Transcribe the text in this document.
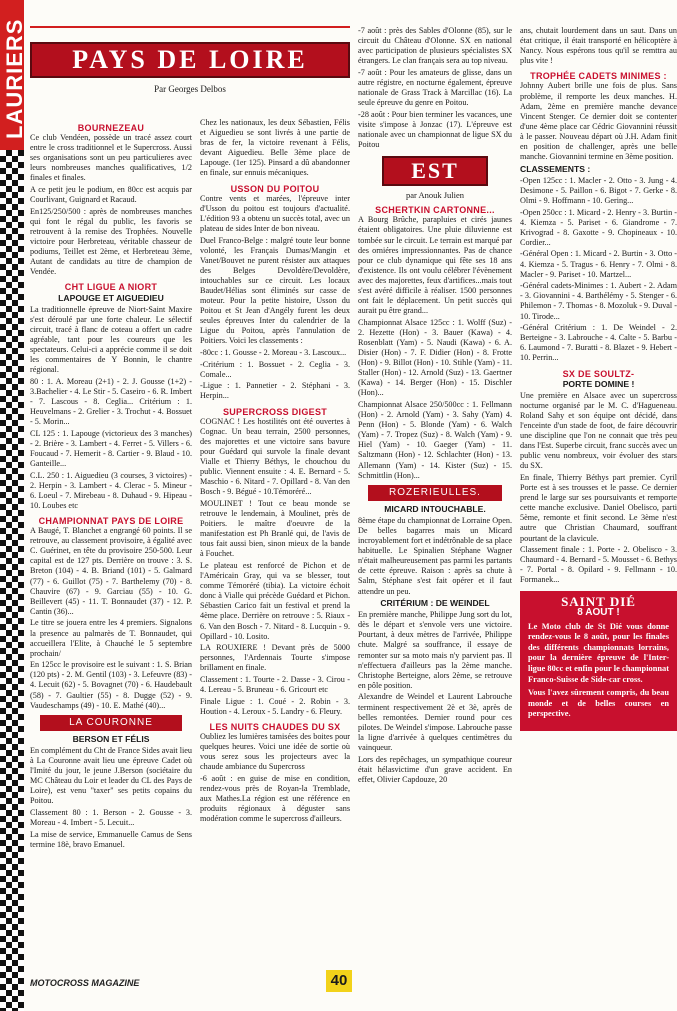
LAURIERS PAYS DE LOIRE
Par Georges Delbos
BOURNEZEAU

Ce club Vendéen, possède un tracé assez court entre le cross traditionnel et le Supercross. Aussi ses organisations sont un peu particulieres avec leurs nombreuses manches qualificatives, 1/2 finales et finales.

A ce petit jeu le podium, en 80cc est acquis par Courlivant, Guignard et Racaud.

En125/250/500 : après de nombreuses manches qui font le régal du public, les favoris se retrouvent à la remise des Trophées. Nouvelle victoire pour Herbreteau, véritable chasseur de podiums, Teillet est 2ème, et Herbreteau 3ème, Autant de candidats au titre de champion de Vendée.

CHT LIGUE A NIORT
LAPOUGE ET AIGUEDIEU

La traditionnelle épreuve de Niort-Saint Maxire s'est déroulé par une forte chaleur. Le sélectif circuit, tracé à flanc de coteau a offert un cadre agréable, tant pour les coureurs que les spectateurs. Celui-ci a apprécie comme il se doit les commentaires de Y Bonnin, le chantre régional.

80 : 1. A. Moreau (2+1) - 2. J. Gousse (1+2) - 3.Bachelier - 4. Le Stir - 5. Caseiro - 6. R. Imbert - 7. Lascous - 8. Ceglia... Critérium : 1. Heuvelmans - 2. Grelier - 3. Trochut - 4. Bossuet - 5. Morin...

CL 125 : 1. Lapouge (victorieux des 3 manches) - 2. Brière - 3. Lambert - 4. Ferret - 5. Villers - 6. Foucaud - 7. Hemerit - 8. Cartier - 9. Blaud - 10. Ganteille...

C.L. 250 : 1. Aiguedieu (3 courses, 3 victoires) - 2. Herpin - 3. Lambert - 4. Clerac - 5. Mineur - 6. Loeul - 7. Mirebeau - 8. Duhaud - 9. Hipeau - 10. Loubes etc

CHAMPIONNAT PAYS DE LOIRE

A Baugé, T. Blanchet a engrangé 60 points. Il se retrouve, au classement provisoire, à égalité avec C. Guérinet, en tête du provisoire 250-500. Leur capital est de 127 pts. Derrière on trouve : 3. S. Breton (104) - 4. B. Briand (101) - 5. Galmard (77) - 6. Guillot (75) - 7. Barthelemy (70) - 8. Chauvire (67) - 9. Garciau (55) - 10. G. Beillevert (45) - 11. T. Bonnaudet (37) - 12. P. Cantin (36)...

Le titre se jouera entre les 4 premiers. Signalons la presence au palmarès de T. Bonnaudet, qui accueillera l'Elite, à Chauché le 5 septembre prochain/

En 125cc le provisoire est le suivant : 1. S. Brian (120 pts) - 2. M. Gentil (103) - 3. Lefeuvre (83) - 4. Lecuit (62) - 5. Bovagnet (70) - 6. Haudebault (58) - 7. Gaultier (55) - 8. Dugge (52) - 9. Vaudeschamps (49) - 10. E. Mathé (40)...

LA COURONNE
BERSON ET FÉLIS

En complément du Cht de France Sides avait lieu à La Couronne avait lieu une épreuve Cadet où l'Imité du jour, le jeune J.Berson (sociétaire du MC Château du Loir et leader du CL des Pays de Loire), est venu "taxer" ses petits copains du Poitou.

Classement 80 : 1. Berson - 2. Gousse - 3. Moreau - 4. Imbert - 5. Lecuit...

La mise de service, Emmanuelle Camus de Sens termine 18è, bravo Emanuel.

Chez les nationaux, les deux Sébastien, Félis et Aiguedieu se sont livrés à une partie de bras de fer, la victoire revenant à Félis, devant Aiguedieu. Belle 3ème place de Lapouge. (1er 125). Pinsard a dû abandonner en finale, sur ennuis mécaniques.

USSON DU POITOU

Contre vents et marées, l'épreuve inter d'Usson du poitou est toujours d'actualité. L'édition 93 a obtenu un succès total, avec un plateau de sides Inter de bon niveau.

Duel Franco-Belge : malgré toute leur bonne volonté, les Français Dumas/Mangin et Vanet/Bouvet ne purent résister aux attaques des Belges Devoldère/Devoldère, intouchables sur ce circuit. Les locaux Baudet/Hélias sont éliminés sur casse de moteur. Pour la petite histoire, Usson du Poitou et St Jean d'Angély furent les deux seules épreuves Inter du calendrier de la Ligue du Poitou, après l'annulation de Poitiers. Voici les classements :

-80cc : 1. Gousse - 2. Moreau - 3. Lascoux...

-Critérium : 1. Bossuet - 2. Ceglia - 3. Comale...

-Ligue : 1. Pannetier - 2. Stéphani - 3. Herpin...

SUPERCROSS DIGEST

COGNAC ! Les hostilités ont été ouvertes à Cognac. Un beau terrain, 2500 personnes, des majorettes et une victoire sans bavure pour Guédard qui survole la finale devant Vialle et Thierry Béthys, le chouchou du public. Viennent ensuite : 4. E. Bernard - 5. Maschio - 6. Nitard - 7. Opillard - 8. Van den Bosch - 9. Bégué - 10.Témoréré...

MOULINET ! Tout ce beau monde se retrouve le lendemain, à Moulinet, près de Poitiers. le maître d'oeuvre de la manifestation est Ph Branlé qui, de l'avis de tous fait aussi bien, sinon mieux de la bande à Fouchet.

Le plateau est renforcé de Pichon et de l'Américain Gray, qui va se blesser, tout comme Témoréré (tibia). La victoire échoit donc à Vialle qui précède Guédard et Pichon. Sébastien Carico fait un festival et prend la 4ème place. Derrière on retrouve : 5. Riaux - 6. Van den Bosch - 7. Nitard - 8. Lucquin - 9. Opillard - 10. Losito.

LA ROUXIERE ! Devant près de 5000 personnes, l'Ardennais Tourte s'impose brillament en finale.

Classement : 1. Tourte - 2. Dasse - 3. Cirou - 4. Lereau - 5. Bruneau - 6. Gricourt etc

Finale Ligue : 1. Coué - 2. Robin - 3. Hoution - 4. Leroux - 5. Landry - 6. Fleury.

LES NUITS CHAUDES DU SX

Oubliez les lumières tamisées des boites pour quelques heures. Voici une idée de sortie où vous serez sous les projecteurs avec la chaude ambiance du Supercross

-6 août : en guise de mise en condition, rendez-vous près de Royan-la Tremblade, aux Mathes.La région est une référence en produits régionaux à déguster sans modération comme le supercross d'ailleurs.

-7 août : près des Sables d'Olonne (85), sur le circuit du Château d'Olonne. SX en national avec participation de plusieurs spécialistes SX étrangers. Le clan français sera au top niveau.

-7 août : Pour les amateurs de glisse, dans un autre régistre, en nocturne également, épreuve nationale de Grass Track à Marcillac (16). La seule épreuve du genre en Poitou.

-28 août : Pour bien terminer les vacances, une visite s'impose à Jonzac (17). L'épreuve est nationale avec un championnat de ligue SX du Poitou

EST
par Anouk Julien
SCHERTKIN CARTONNE...

A Bourg Brûche, parapluies et cirés jaunes étaient obligatoires. Une pluie diluvienne est tombée sur le circuit. Le terrain est marqué par des orniéres impressionnantes. Pas de chance pour ce club dynamique qui fête ses 18 ans d'existence. Ils ont voulu célébrer l'évènement avec des majorettes, feux d'artifices...mais tout s'est avéré difficile à réaliser. 1500 personnes ont fait le déplacement. Un petit succès qui aurait pu être grand...

Championnat Alsace 125cc : 1. Wolff (Suz) - 2. Hezette (Hon) - 3. Bauer (Kawa) - 4. Rosenblatt (Yam) - 5. Naudi (Kawa) - 6. A. Disier (Hon) - 7. F. Didier (Hon) - 8. Frotte (Hon) - 9. Billot (Hon) - 10. Stihle (Yam) - 11. Staller (Hon) - 12. Arnold (Suz) - 13. Gaertner (Kawa) - 14. Berger (Hon) - 15. Dischler (Hon)...

Championnat Alsace 250/500cc : 1. Fellmann (Hon) - 2. Arnold (Yam) - 3. Sahy (Yam) 4. Penn (Hon) - 5. Blonde (Yam) - 6. Walch (Yam) - 7. Tropez (Suz) - 8. Walch (Yam) - 9. Hiel (Yam) - 10. Gaeger (Yam) - 11. Saltzmann (Hon) - 12. Schlachter (Hon) - 13. Allemann (Yam) - 14. Kister (Suz) - 15. Schmittlin (Hon)...

ROZERIEULLES.
MICARD INTOUCHABLE.

8ème étape du championnat de Lorraine Open. De belles bagarres mais un Micard incroyablement fort et indétrônable de sa place habituelle. Le Spinalien Stéphane Wagner n'était malheureusement pas parmi les partants de cette épreuve. Raison : après sa chute à Salm, Stéphane s'est fait opérer et il faut attendre un peu.

CRITÉRIUM : DE WEINDEL

En première manche, Philippe Jung sort du lot, dès le départ et s'envole vers une victoire. Pourtant, à deux mètres de l'arrivée, Philippe chute. Malgré sa souffrance, il essaye de remonter sur sa moto mais n'y parvient pas. Il n'effectuera d'ailleurs pas la 2ème manche. Christophe Berteigne, alors 2ème, se retrouve en pôle position.

Alexandre de Weindel et Laurent Labrouche terminent respectivement 2è et 3è, après de belles remontées. Dernier round pour ces pilotes. De Weindel s'impose. Labrouche passe la ligne d'arrivée à quelques centimètres du vainqueur.

Lors des repêchages, un sympathique coureur était hélasvictime d'un grave accident. En effet, Olivier Capdouze, 20

ans, chutait lourdement dans un saut. Dans un état critique, il était transporté en hélicoptère à Nancy. Nous espérons tous qu'il se remttra au plus vite !

TROPHÉE CADETS MINIMES :

Johnny Aubert brille une fois de plus. Sans problème, il remporte les deux manches. H. Adam, 2ème en première manche devance Vincent Stenger. Ce dernier doit se contenter d'une 4ème place car Cédric Giovannini réussit à le passer. Nouveau départ où J.H. Adam finit en position de challenger, après une belle manche. Giovannini termine en 3ème position.

CLASSEMENTS :

-Open 125cc : 1. Macler - 2. Otto - 3. Jung - 4. Desimone - 5. Paillon - 6. Bigot - 7. Gerke - 8. Olmi - 9. Hoffmann - 10. Gering...

-Open 250cc : 1. Micard - 2. Henry - 3. Burtin - 4. Kiemza - 5. Pariset - 6. Giandrome - 7. Krivograd - 8. Gaxotte - 9. Chopineaux - 10. Cordier...

-Général Open : 1. Micard - 2. Burtin - 3. Otto - 4. Kiemza - 5. Tragus - 6. Henry - 7. Olmi - 8. Macler - 9. Pariset - 10. Martzel...

-Général cadets-Minimes : 1. Aubert - 2. Adam - 3. Giovannini - 4. Barthélémy - 5. Stenger - 6. Philemon - 7. Thomas - 8. Mozoluk - 9. Duval - 10. Tirode...

-Général Critérium : 1. De Weindel - 2. Berteigne - 3. Labrouche - 4. Calte - 5. Barbu - 6. Laumond - 7. Buratti - 8. Blazet - 9. Hebert - 10. Perrin...

SX DE SOULTZ-
PORTE DOMINE !

Une première en Alsace avec un supercross nocturne organisé par le M. C. d'Hagueneau. Roland Sahy et son équipe ont décidé, dans l'enceinte d'un stade de foot, de faire découvrir une discipline que l'on ne connait que très peu dans l'Est. Superbe circuit, franc succès avec un public venu nombreux, voir évoluer des stars du SX.

En finale, Thierry Béthys part premier. Cyril Porte est à ses trousses et le passe. Ce dernier prend le large sur ses poursuivants et remporte cette manche exclusive. Daniel Obelisco, parti 5ème, remonte et finit second. Le 3ème n'est autre que Christian Chaumard, souffrant pourtant de la clavicule.

Classement finale : 1. Porte - 2. Obelisco - 3. Chaumard - 4. Bernard - 5. Mousset - 6. Bethys - 7. Portal - 8. Opilard - 9. Fellmann - 10. Formanek...

SAINT DIÉ
8 AOUT !

Le Moto club de St Dié vous donne rendez-vous le 8 août, pour les finales des différents championnats lorrains, pour la dernière épreuve de l'Inter-ligue 80cc et enfin pour le championnat Franco-Suisse de Side-car cross.

Vous l'avez sûrement compris, du beau monde et de belles courses en perspective.

MOTOCROSS MAGAZINE	40
